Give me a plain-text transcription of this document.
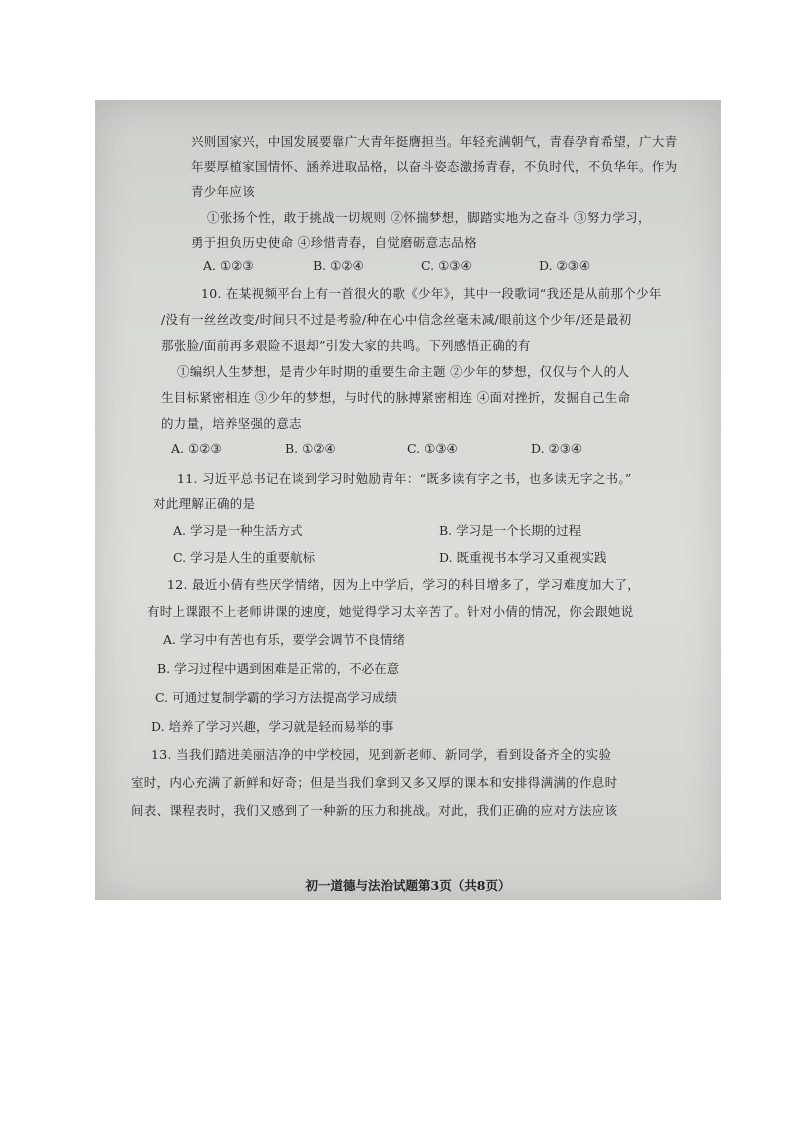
兴则国家兴，中国发展要靠广大青年挺膺担当。年轻充满朝气，青春孕育希望，广大青
年要厚植家国情怀、涵养进取品格，以奋斗姿态激扬青春，不负时代，不负华年。作为
青少年应该
①张扬个性，敢于挑战一切规则 ②怀揣梦想，脚踏实地为之奋斗 ③努力学习，
勇于担负历史使命 ④珍惜青春，自觉磨砺意志品格
A. ①②③	B. ①②④	C. ①③④	D. ②③④
10. 在某视频平台上有一首很火的歌《少年》，其中一段歌词“我还是从前那个少年
/没有一丝丝改变/时间只不过是考验/种在心中信念丝毫未减/眼前这个少年/还是最初
那张脸/面前再多艰险不退却”引发大家的共鸣。下列感悟正确的有
①编织人生梦想，是青少年时期的重要生命主题 ②少年的梦想，仅仅与个人的人
生目标紧密相连 ③少年的梦想，与时代的脉搏紧密相连 ④面对挫折，发掘自己生命
的力量，培养坚强的意志
A. ①②③	B. ①②④	C. ①③④	D. ②③④
11. 习近平总书记在谈到学习时勉励青年：“既多读有字之书，也多读无字之书。”
对此理解正确的是
A. 学习是一种生活方式	B. 学习是一个长期的过程
C. 学习是人生的重要航标	D. 既重视书本学习又重视实践
12. 最近小倩有些厌学情绪，因为上中学后，学习的科目增多了，学习难度加大了，
有时上课跟不上老师讲课的速度，她觉得学习太辛苦了。针对小倩的情况，你会跟她说
A. 学习中有苦也有乐，要学会调节不良情绪
B. 学习过程中遇到困难是正常的，不必在意
C. 可通过复制学霸的学习方法提高学习成绩
D. 培养了学习兴趣，学习就是轻而易举的事
13. 当我们踏进美丽洁净的中学校园，见到新老师、新同学，看到设备齐全的实验
室时，内心充满了新鲜和好奇；但是当我们拿到又多又厚的课本和安排得满满的作息时
间表、课程表时，我们又感到了一种新的压力和挑战。对此，我们正确的应对方法应该
初一道德与法治试题第3页（共8页）
